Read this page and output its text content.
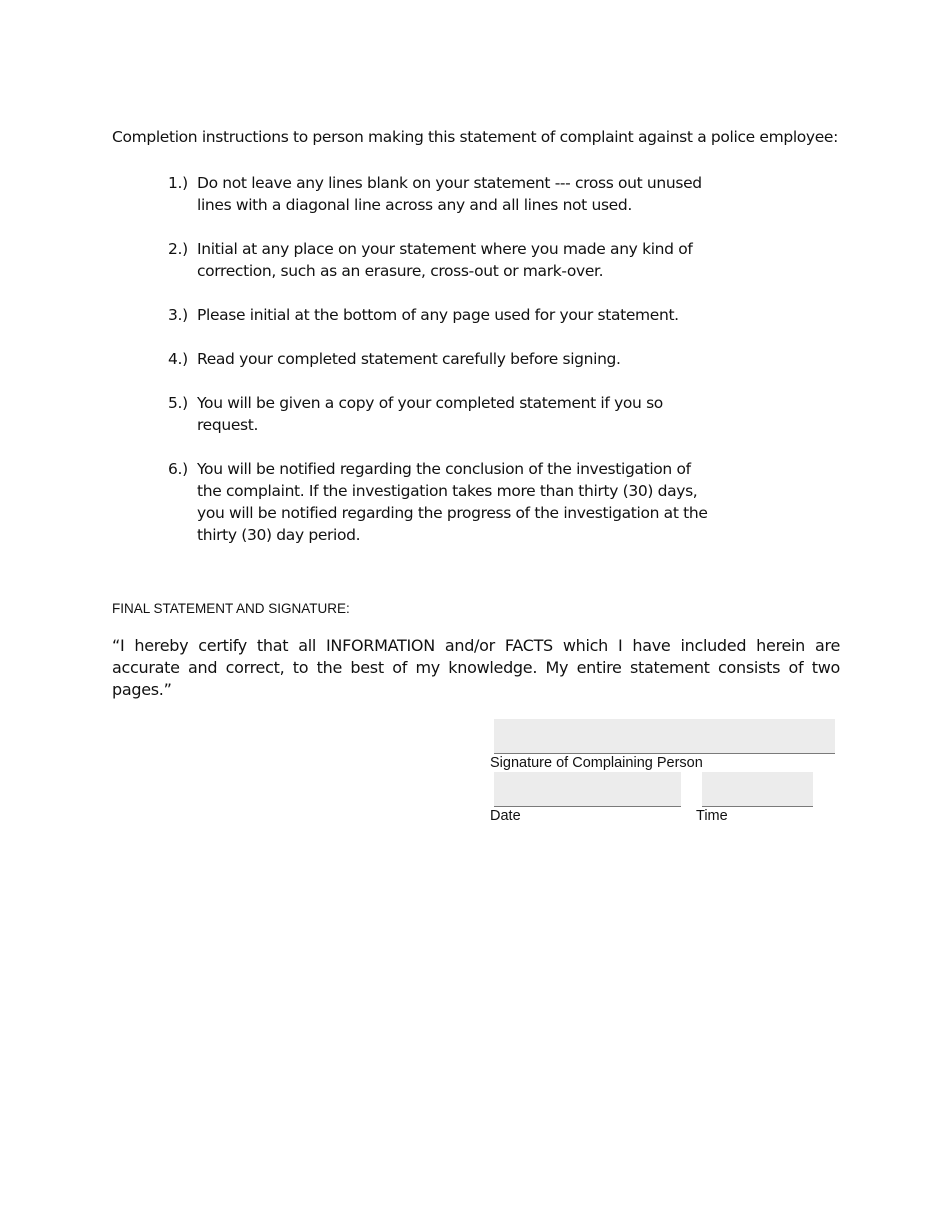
Completion instructions to person making this statement of complaint against a police employee:
1.) Do not leave any lines blank on your statement --- cross out unused
lines with a diagonal line across any and all lines not used.
2.) Initial at any place on your statement where you made any kind of
correction, such as an erasure, cross-out or mark-over.
3.) Please initial at the bottom of any page used for your statement.
4.) Read your completed statement carefully before signing.
5.) You will be given a copy of your completed statement if you so
request.
6.) You will be notified regarding the conclusion of the investigation of
the complaint. If the investigation takes more than thirty (30) days,
you will be notified regarding the progress of the investigation at the
thirty (30) day period.
FINAL STATEMENT AND SIGNATURE:
“I hereby certify that all INFORMATION and/or FACTS which I have included herein are accurate and correct, to the best of my knowledge. My entire statement consists of two pages.”
Signature of Complaining Person
Date	Time
